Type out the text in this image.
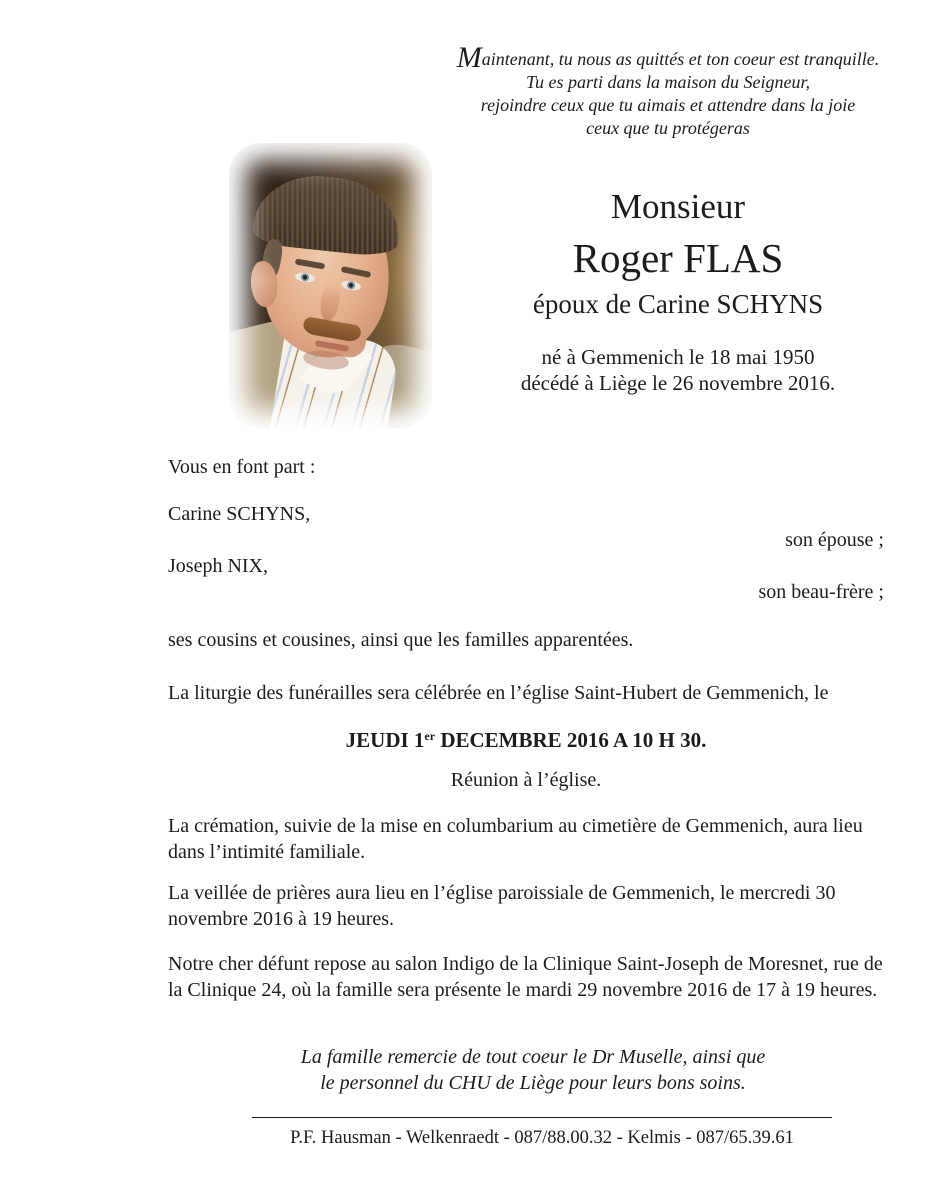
Maintenant, tu nous as quittés et ton coeur est tranquille.
Tu es parti dans la maison du Seigneur,
rejoindre ceux que tu aimais et attendre dans la joie
ceux que tu protégeras
Monsieur
Roger FLAS
époux de Carine SCHYNS
né à Gemmenich le 18 mai 1950
décédé à Liège le 26 novembre 2016.
Vous en font part :
Carine SCHYNS,
son épouse ;
Joseph NIX,
son beau-frère ;
ses cousins et cousines, ainsi que les familles apparentées.
La liturgie des funérailles sera célébrée en l’église Saint-Hubert de Gemmenich, le
JEUDI 1er DECEMBRE 2016 A 10 H 30.
Réunion à l’église.
La crémation, suivie de la mise en columbarium au cimetière de Gemmenich, aura lieu dans l’intimité familiale.
La veillée de prières aura lieu en l’église paroissiale de Gemmenich, le mercredi 30 novembre 2016 à 19 heures.
Notre cher défunt repose au salon Indigo de la Clinique Saint-Joseph de Moresnet, rue de la Clinique 24, où la famille sera présente le mardi 29 novembre 2016 de 17 à 19 heures.
La famille remercie de tout coeur le Dr Muselle, ainsi que
le personnel du CHU de Liège pour leurs bons soins.
P.F. Hausman - Welkenraedt - 087/88.00.32 - Kelmis - 087/65.39.61
